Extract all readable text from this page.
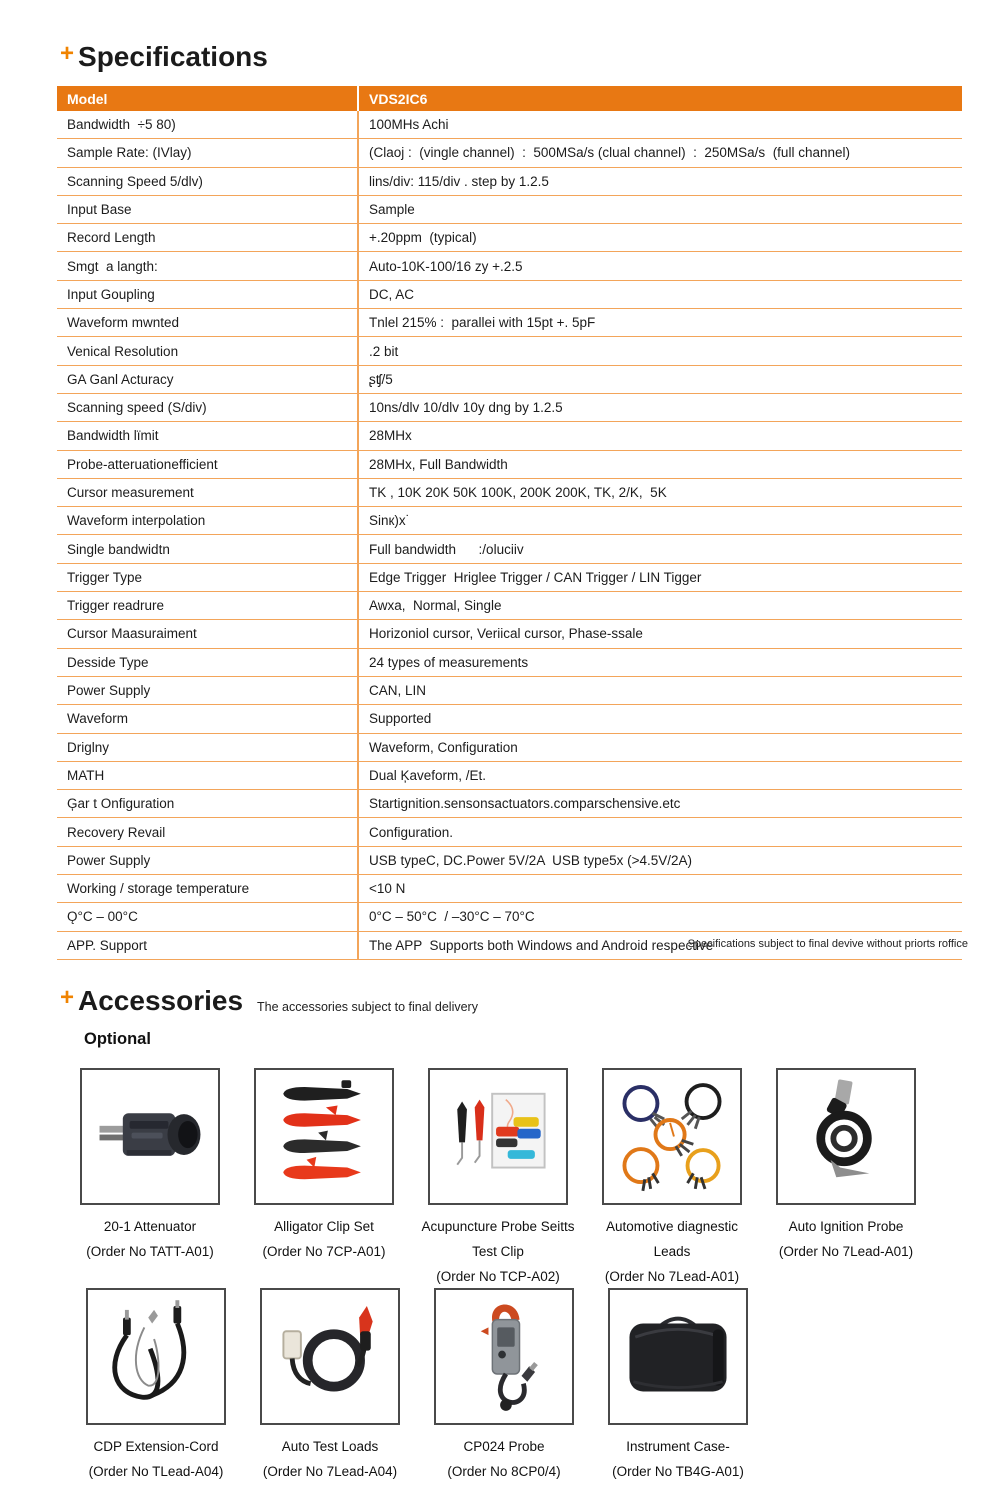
+ Specifications
Model	VDS2IC6
Bandwidth  ÷5 80)	100MHs Achi
Sample Rate: (IVlay)	(Claoj :  (vingle channel)  :  500MSa/s (clual channel)  :  250MSa/s  (full channel)
Scanning Speed 5/dlv)	lins/div: 115/div . step by 1.2.5
Input Base	Sample
Record Length	+.20ppm  (typical)
Smgt  a langth:	Auto-10K-100/16 zy +.2.5
Input Goupling	DC, AC
Waveform mwnted	Tnlel 215% :  parallei with 15pt +. 5pF
Venical Resolution	.2 bit
GA Ganl Acturacy	ʂʧ/5
Scanning speed (S/div)	10ns/dlv 10/dlv 10y dng by 1.2.5
Bandwidth lïmit	28MHx
Probe-atteruationefficient	28MHx, Full Bandwidth
Cursor measurement	TK , 10K 20K 50K 100K, 200K 200K, TK, 2/K,  5K
Waveform interpolation	Sinк)x˙
Single bandwidtn	Full bandwidth      :/oluciiv
Trigger Type	Edge Trigger  Hriglee Trigger / CAN Trigger / LIN Tigger
Trigger readrure	Awxa,  Normal, Single
Cursor Maasuraiment	Horizoniol cursor, Veriical cursor, Phase-ssale
Desside Type	24 types of measurements
Power Supply	CAN, LIN
Waveform	Supported
Driglny	Waveform, Configuration
MATH	Dual Ķaveform, /Et.
Ģar t Onfiguration	Startignition.sensonsactuators.comparschensive.etc
Recovery Revail	Configuration.
Power Supply	USB typeC, DC.Power 5V/2A  USB type5x (>4.5V/2A)
Working / storage temperature	<10 N
Ǫ°C – 00°C	0°C – 50°C  / –30°C – 70°C
APP. Support	The APP  Supports both Windows and Android respective
Specifications subject to final devive without priorts roffice
+ Accessories The accessories subject to final delivery
Optional
20-1 Attenuator
(Order No TATT-A01)
Alligator Clip Set
(Order No 7CP-A01)
Acupuncture Probe Seitts
Test Clip
(Order No TCP-A02)
Automotive diagnestic
Leads
(Order No 7Lead-A01)
Auto Ignition Probe
(Order No 7Lead-A01)
CDP Extension-Cord
(Order No TLead-A04)
Auto Test Loads
(Order No 7Lead-A04)
CP024 Probe
(Order No 8CP0/4)
Instrument Case-
(Order No TB4G-A01)
